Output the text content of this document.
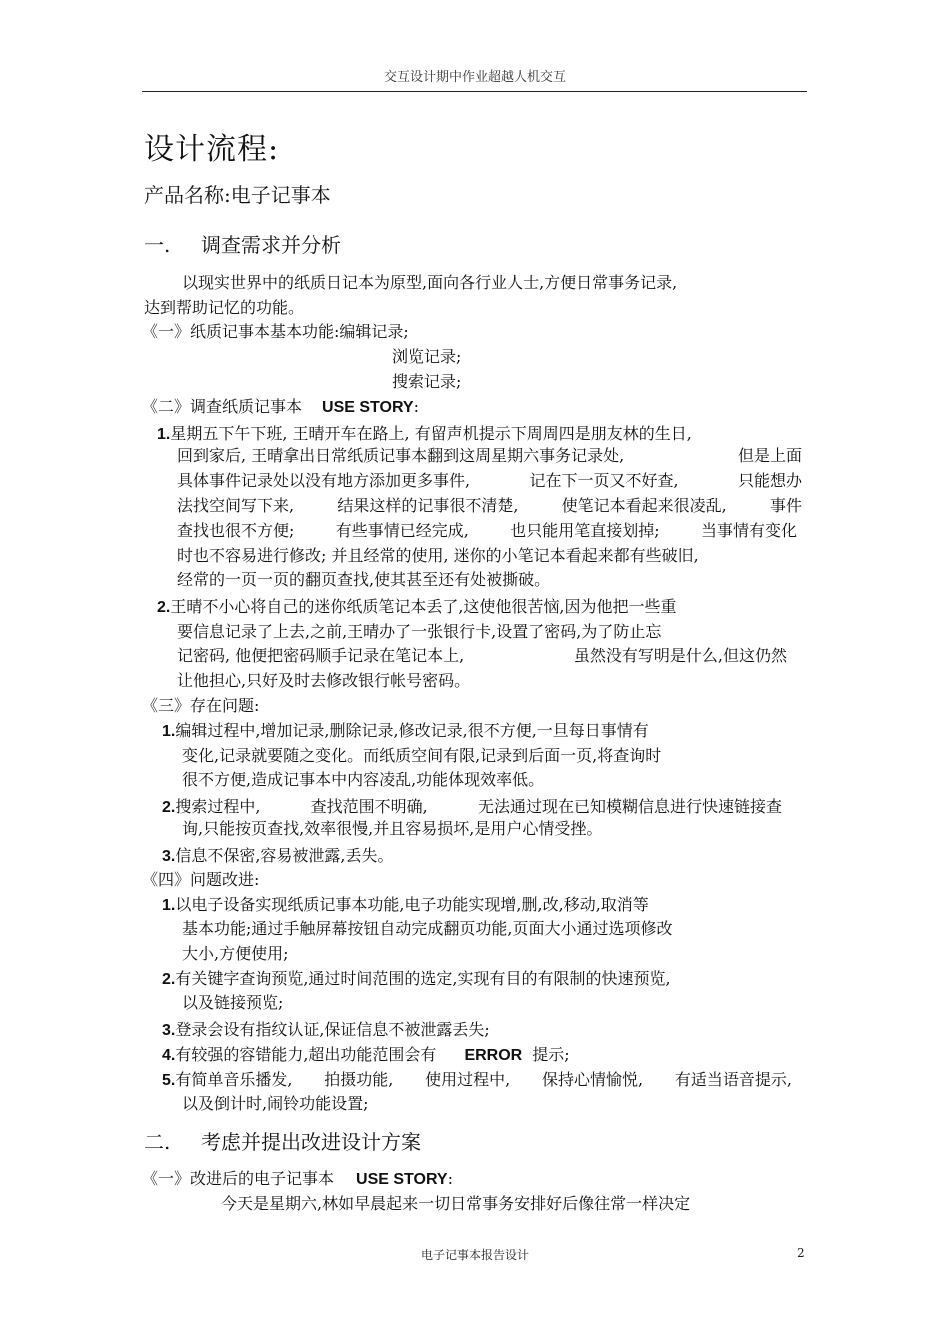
交互设计期中作业超越人机交互
设计流程:
产品名称:电子记事本
一. 调查需求并分析
以现实世界中的纸质日记本为原型,面向各行业人士,方便日常事务记录,
达到帮助记忆的功能。
《一》纸质记事本基本功能:编辑记录;
浏览记录;
搜索记录;
《二》调查纸质记事本 USE STORY:
1.星期五下午下班, 王晴开车在路上, 有留声机提示下周周四是朋友林的生日,
回到家后, 王晴拿出日常纸质记事本翻到这周星期六事务记录处,	但是上面
具体事件记录处以没有地方添加更多事件,	记在下一页又不好查,	只能想办
法找空间写下来,	结果这样的记事很不清楚,	使笔记本看起来很凌乱,	事件
查找也很不方便;	有些事情已经完成,	也只能用笔直接划掉;	当事情有变化
时也不容易进行修改; 并且经常的使用, 迷你的小笔记本看起来都有些破旧,
经常的一页一页的翻页查找,使其甚至还有处被撕破。
2.王晴不小心将自己的迷你纸质笔记本丢了,这使他很苦恼,因为他把一些重
要信息记录了上去,之前,王晴办了一张银行卡,设置了密码,为了防止忘
记密码, 他便把密码顺手记录在笔记本上,	虽然没有写明是什么,但这仍然
让他担心,只好及时去修改银行帐号密码。
《三》存在问题:
1.编辑过程中,增加记录,删除记录,修改记录,很不方便,一旦每日事情有
变化,记录就要随之变化。而纸质空间有限,记录到后面一页,将查询时
很不方便,造成记事本中内容凌乱,功能体现效率低。
2.搜索过程中,	查找范围不明确,	无法通过现在已知模糊信息进行快速链接查
询,只能按页查找,效率很慢,并且容易损坏,是用户心情受挫。
3.信息不保密,容易被泄露,丢失。
《四》问题改进:
1.以电子设备实现纸质记事本功能,电子功能实现增,删,改,移动,取消等
基本功能;通过手触屏幕按钮自动完成翻页功能,页面大小通过选项修改
大小,方便使用;
2.有关键字查询预览,通过时间范围的选定,实现有目的有限制的快速预览,
以及链接预览;
3.登录会设有指纹认证,保证信息不被泄露丢失;
4.有较强的容错能力,超出功能范围会有 ERROR 提示;
5.有简单音乐播发, 拍摄功能, 使用过程中, 保持心情愉悦, 有适当语音提示,
以及倒计时,闹铃功能设置;
二. 考虑并提出改进设计方案
《一》改进后的电子记事本 USE STORY:
今天是星期六,林如早晨起来一切日常事务安排好后像往常一样决定
电子记事本报告设计	2
